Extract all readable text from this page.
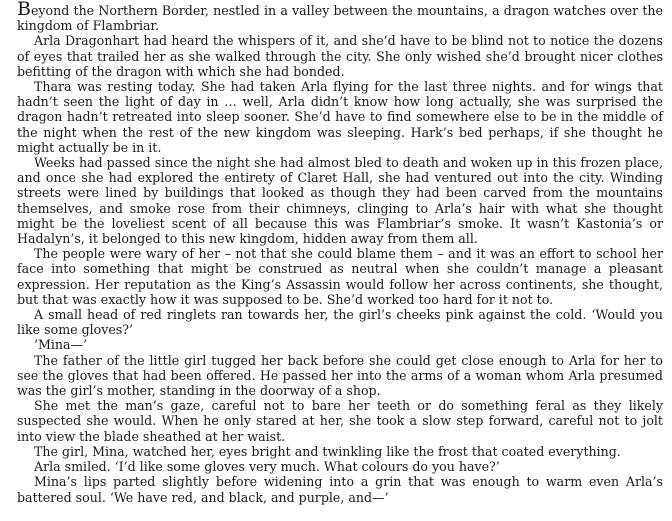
Beyond the Northern Border, nestled in a valley between the mountains, a dragon watches over the kingdom of Flambriar.

Arla Dragonhart had heard the whispers of it, and she’d have to be blind not to notice the dozens of eyes that trailed her as she walked through the city. She only wished she’d brought nicer clothes befitting of the dragon with which she had bonded.

Thara was resting today. She had taken Arla flying for the last three nights. and for wings that hadn’t seen the light of day in … well, Arla didn’t know how long actually, she was surprised the dragon hadn’t retreated into sleep sooner. She’d have to find somewhere else to be in the middle of the night when the rest of the new kingdom was sleeping. Hark’s bed perhaps, if she thought he might actually be in it.

Weeks had passed since the night she had almost bled to death and woken up in this frozen place, and once she had explored the entirety of Claret Hall, she had ventured out into the city. Winding streets were lined by buildings that looked as though they had been carved from the mountains themselves, and smoke rose from their chimneys, clinging to Arla’s hair with what she thought might be the loveliest scent of all because this was Flambriar’s smoke. It wasn’t Kastonia’s or Hadalyn’s, it belonged to this new kingdom, hidden away from them all.

The people were wary of her – not that she could blame them – and it was an effort to school her face into something that might be construed as neutral when she couldn’t manage a pleasant expression. Her reputation as the King’s Assassin would follow her across continents, she thought, but that was exactly how it was supposed to be. She’d worked too hard for it not to.

A small head of red ringlets ran towards her, the girl’s cheeks pink against the cold. ‘Would you like some gloves?’

‘Mina—’

The father of the little girl tugged her back before she could get close enough to Arla for her to see the gloves that had been offered. He passed her into the arms of a woman whom Arla presumed was the girl’s mother, standing in the doorway of a shop.

She met the man’s gaze, careful not to bare her teeth or do something feral as they likely suspected she would. When he only stared at her, she took a slow step forward, careful not to jolt into view the blade sheathed at her waist.

The girl, Mina, watched her, eyes bright and twinkling like the frost that coated everything.

Arla smiled. ‘I’d like some gloves very much. What colours do you have?’

Mina’s lips parted slightly before widening into a grin that was enough to warm even Arla’s battered soul. ‘We have red, and black, and purple, and—’
